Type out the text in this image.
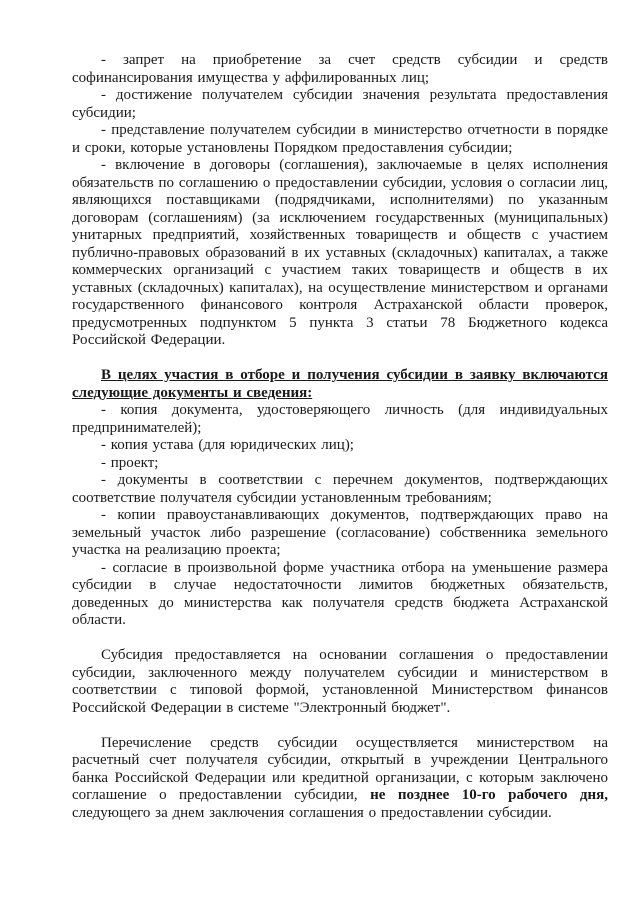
- запрет на приобретение за счет средств субсидии и средств софинансирования имущества у аффилированных лиц;

- достижение получателем субсидии значения результата предоставления субсидии;

- представление получателем субсидии в министерство отчетности в порядке и сроки, которые установлены Порядком предоставления субсидии;

- включение в договоры (соглашения), заключаемые в целях исполнения обязательств по соглашению о предоставлении субсидии, условия о согласии лиц, являющихся поставщиками (подрядчиками, исполнителями) по указанным договорам (соглашениям) (за исключением государственных (муниципальных) унитарных предприятий, хозяйственных товариществ и обществ с участием публично-правовых образований в их уставных (складочных) капиталах, а также коммерческих организаций с участием таких товариществ и обществ в их уставных (складочных) капиталах), на осуществление министерством и органами государственного финансового контроля Астраханской области проверок, предусмотренных подпунктом 5 пункта 3 статьи 78 Бюджетного кодекса Российской Федерации.

В целях участия в отборе и получения субсидии в заявку включаются следующие документы и сведения:

- копия документа, удостоверяющего личность (для индивидуальных предпринимателей);

- копия устава (для юридических лиц);

- проект;

- документы в соответствии с перечнем документов, подтверждающих соответствие получателя субсидии установленным требованиям;

- копии правоустанавливающих документов, подтверждающих право на земельный участок либо разрешение (согласование) собственника земельного участка на реализацию проекта;

- согласие в произвольной форме участника отбора на уменьшение размера субсидии в случае недостаточности лимитов бюджетных обязательств, доведенных до министерства как получателя средств бюджета Астраханской области.

Субсидия предоставляется на основании соглашения о предоставлении субсидии, заключенного между получателем субсидии и министерством в соответствии с типовой формой, установленной Министерством финансов Российской Федерации в системе "Электронный бюджет".

Перечисление средств субсидии осуществляется министерством на расчетный счет получателя субсидии, открытый в учреждении Центрального банка Российской Федерации или кредитной организации, с которым заключено соглашение о предоставлении субсидии, не позднее 10-го рабочего дня, следующего за днем заключения соглашения о предоставлении субсидии.
